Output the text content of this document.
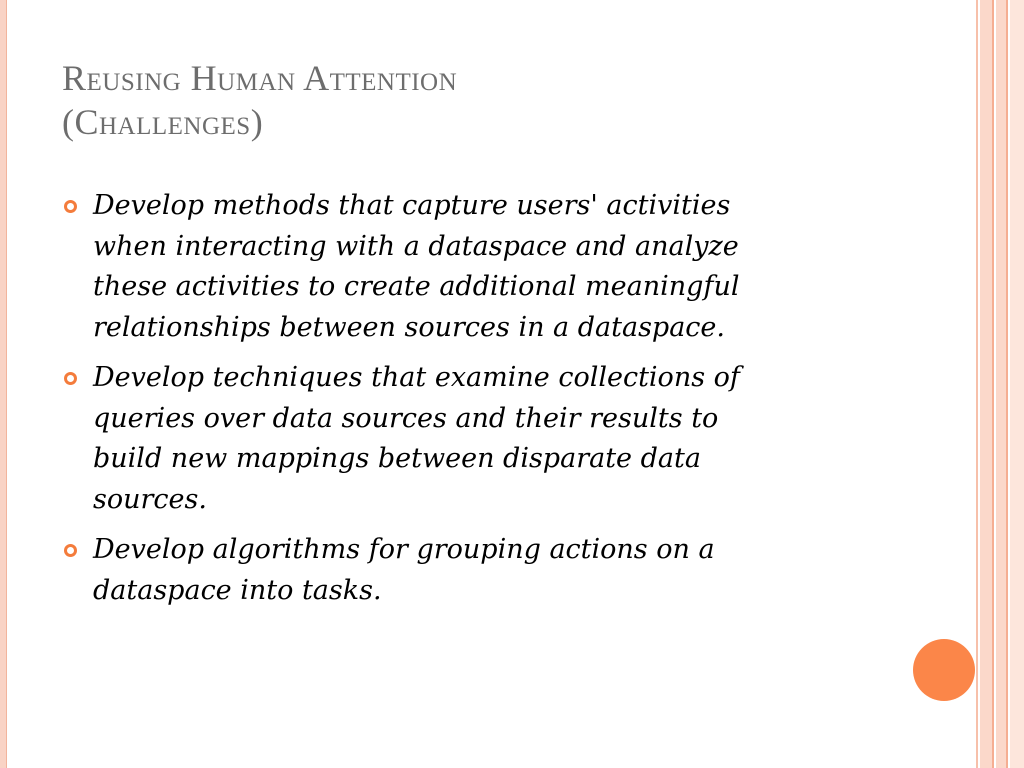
Reusing Human Attention
(Challenges)
Develop methods that capture users' activities
when interacting with a dataspace and analyze
these activities to create additional meaningful
relationships between sources in a dataspace.
Develop techniques that examine collections of
queries over data sources and their results to
build new mappings between disparate data
sources.
Develop algorithms for grouping actions on a
dataspace into tasks.
